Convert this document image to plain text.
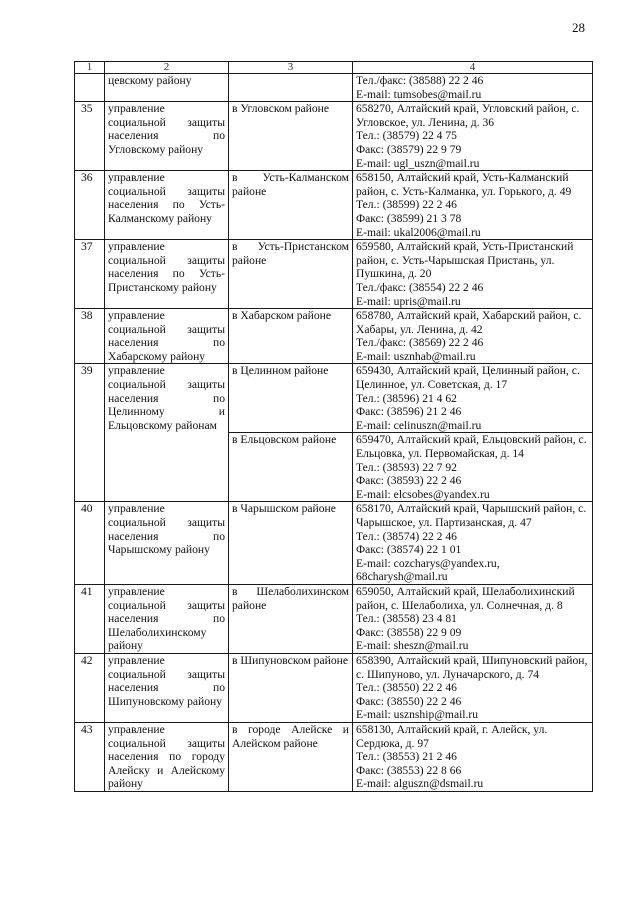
28
1	2	3	4
	цевскому району		Тел./факс: (38588) 22 2 46
E-mail: tumsobes@mail.ru
35	управление социальной защиты населения по Угловскому району	в Угловском районе	658270, Алтайский край, Угловский район, с. Угловское, ул. Ленина, д. 36
Тел.: (38579) 22 4 75
Факс: (38579) 22 9 79
E-mail: ugl_uszn@mail.ru
36	управление социальной защиты населения по Усть-Калманскому району	в Усть-Калманском районе	658150, Алтайский край, Усть-Калманский район, с. Усть-Калманка, ул. Горького, д. 49
Тел.: (38599) 22 2 46
Факс: (38599) 21 3 78
E-mail: ukal2006@mail.ru
37	управление социальной защиты населения по Усть-Пристанскому району	в Усть-Пристанском районе	659580, Алтайский край, Усть-Пристанский район, с. Усть-Чарышская Пристань, ул. Пушкина, д. 20
Тел./факс: (38554) 22 2 46
E-mail: upris@mail.ru
38	управление социальной защиты населения по Хабарскому району	в Хабарском районе	658780, Алтайский край, Хабарский район, с. Хабары, ул. Ленина, д. 42
Тел./факс: (38569) 22 2 46
E-mail: usznhab@mail.ru
39	управление социальной защиты населения по Целинному и Ельцовскому районам	в Целинном районе	659430, Алтайский край, Целинный район, с. Целинное, ул. Советская, д. 17
Тел.: (38596) 21 4 62
Факс: (38596) 21 2 46
E-mail: celinuszn@mail.ru
		в Ельцовском районе	659470, Алтайский край, Ельцовский район, с. Ельцовка, ул. Первомайская, д. 14
Тел.: (38593) 22 7 92
Факс: (38593) 22 2 46
E-mail: elcsobes@yandex.ru
40	управление социальной защиты населения по Чарышскому району	в Чарышском районе	658170, Алтайский край, Чарышский район, с. Чарышское, ул. Партизанская, д. 47
Тел.: (38574) 22 2 46
Факс: (38574) 22 1 01
E-mail: cozcharys@yandex.ru,
68charysh@mail.ru
41	управление социальной защиты населения по Шелаболихинскому району	в Шелаболихинском районе	659050, Алтайский край, Шелаболихинский район, с. Шелаболиха, ул. Солнечная, д. 8
Тел.: (38558) 23 4 81
Факс: (38558) 22 9 09
E-mail: sheszn@mail.ru
42	управление социальной защиты населения по Шипуновскому району	в Шипуновском районе	658390, Алтайский край, Шипуновский район, с. Шипуново, ул. Луначарского, д. 74
Тел.: (38550) 22 2 46
Факс: (38550) 22 2 46
E-mail: usznship@mail.ru
43	управление социальной защиты населения по городу Алейску и Алейскому району	в городе Алейске и Алейском районе	658130, Алтайский край, г. Алейск, ул. Сердюка, д. 97
Тел.: (38553) 21 2 46
Факс: (38553) 22 8 66
E-mail: alguszn@dsmail.ru
